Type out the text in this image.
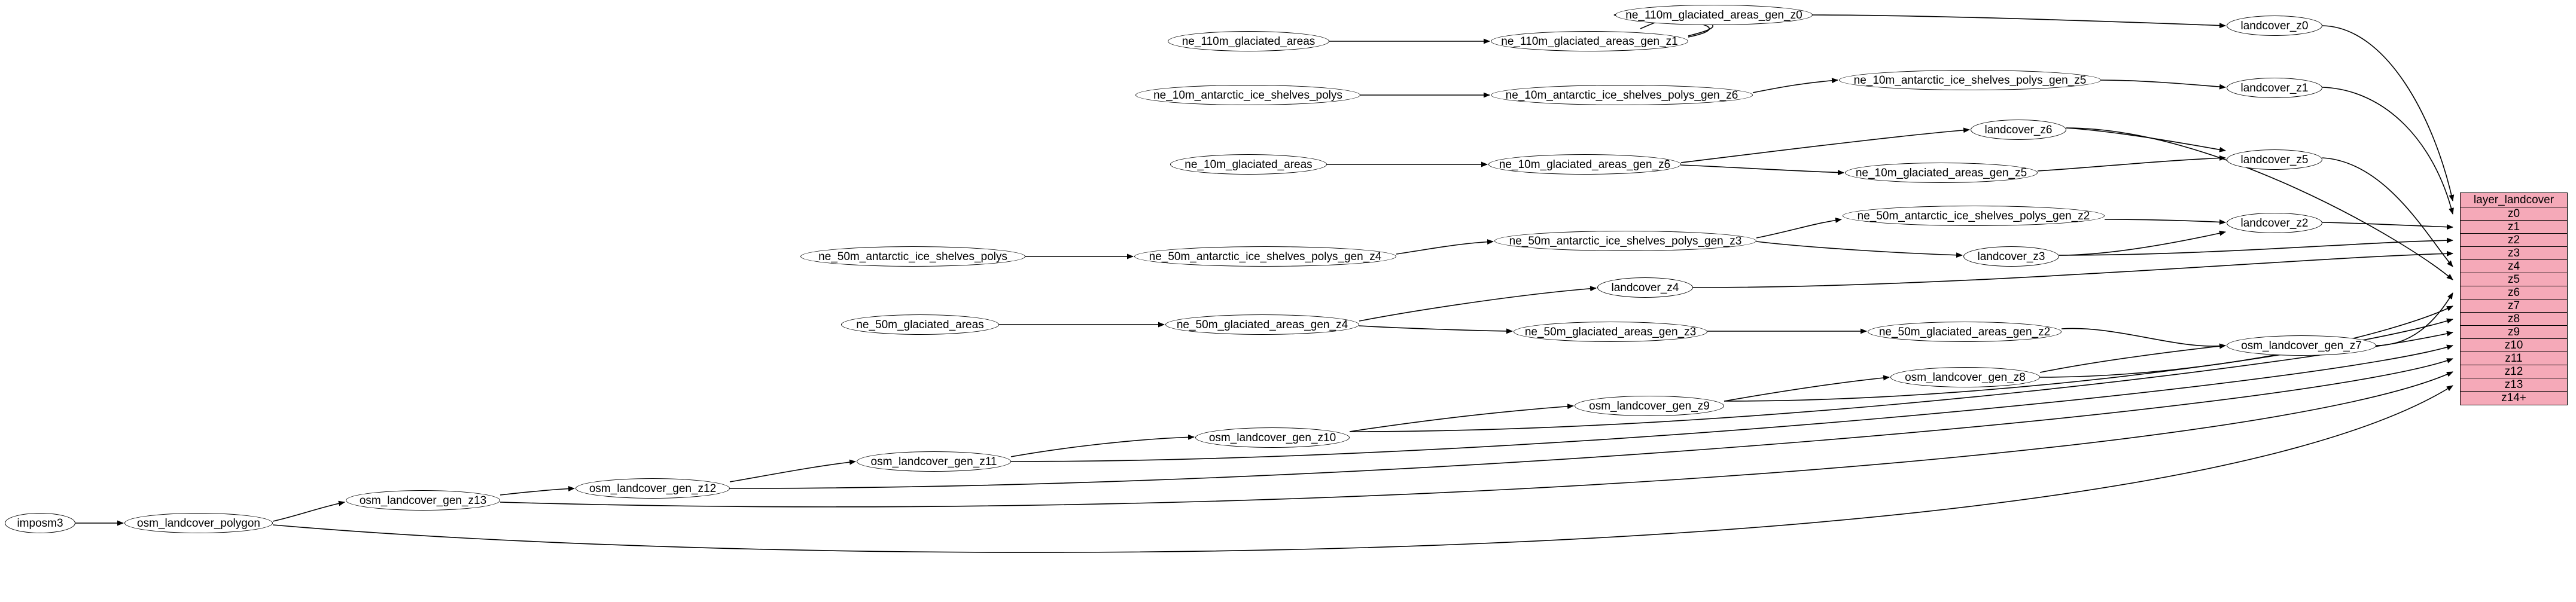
imposm3	osm_landcover_polygon
osm_landcover_gen_z13
osm_landcover_gen_z12
osm_landcover_gen_z11
osm_landcover_gen_z10
osm_landcover_gen_z9
osm_landcover_gen_z8
osm_landcover_gen_z7
ne_110m_glaciated_areas	ne_110m_glaciated_areas_gen_z1
ne_110m_glaciated_areas_gen_z0
landcover_z0
ne_10m_antarctic_ice_shelves_polys	ne_10m_antarctic_ice_shelves_polys_gen_z6
ne_10m_antarctic_ice_shelves_polys_gen_z5
landcover_z1
ne_10m_glaciated_areas	ne_10m_glaciated_areas_gen_z6
ne_10m_glaciated_areas_gen_z5
landcover_z6
landcover_z5
ne_50m_antarctic_ice_shelves_polys	ne_50m_antarctic_ice_shelves_polys_gen_z4
ne_50m_antarctic_ice_shelves_polys_gen_z3
ne_50m_antarctic_ice_shelves_polys_gen_z2
landcover_z3
landcover_z2
ne_50m_glaciated_areas	ne_50m_glaciated_areas_gen_z4
ne_50m_glaciated_areas_gen_z3	ne_50m_glaciated_areas_gen_z2
landcover_z4
layer_landcover
z0
z1
z2
z3
z4
z5
z6
z7
z8
z9
z10
z11
z12
z13
z14+
